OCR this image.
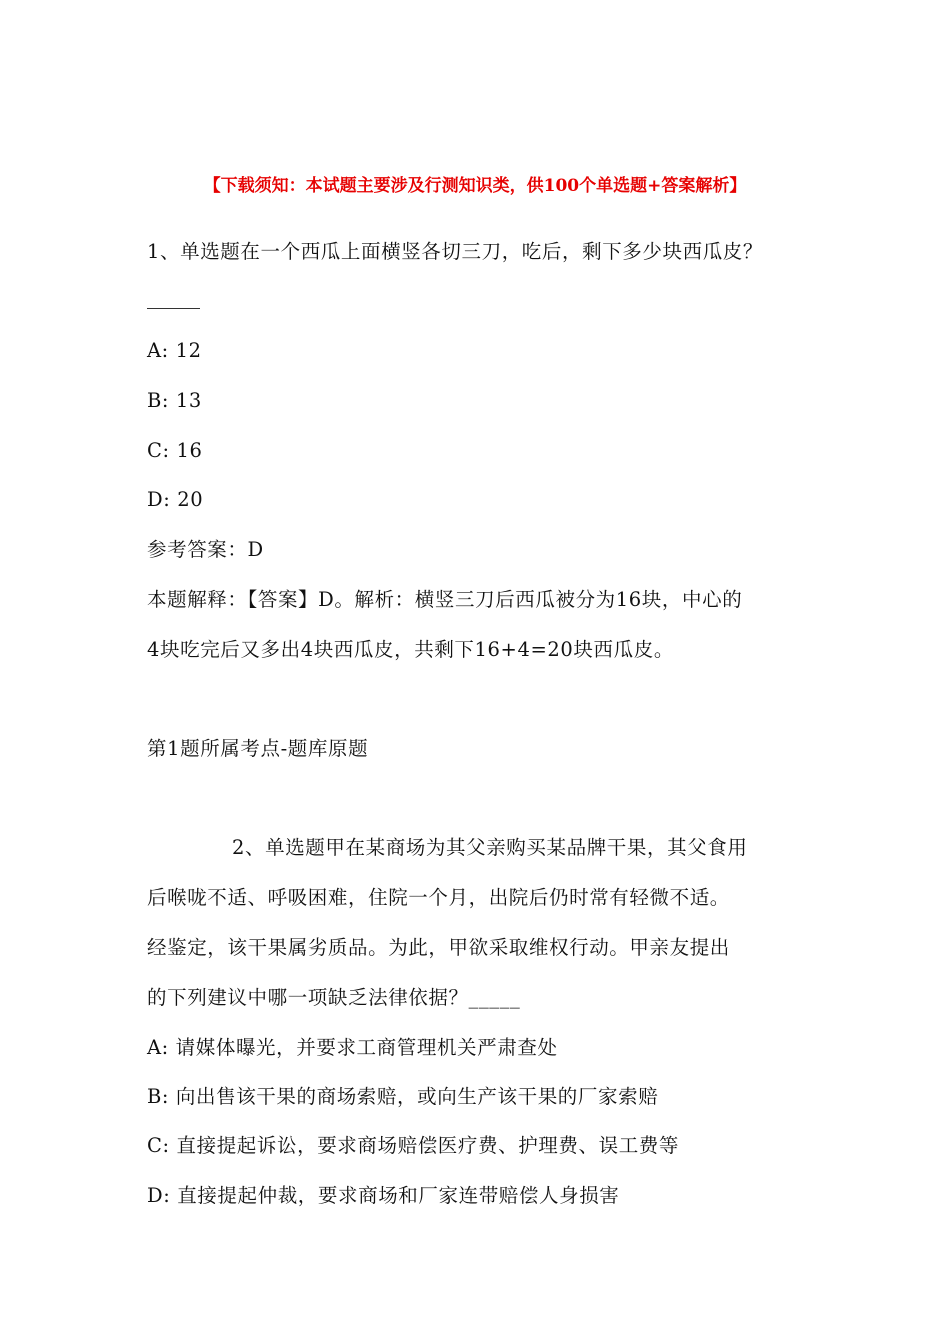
【下载须知：本试题主要涉及行测知识类，供100个单选题+答案解析】
1、单选题在一个西瓜上面横竖各切三刀，吃后，剩下多少块西瓜皮？
A: 12
B: 13
C: 16
D: 20
参考答案：D
本题解释：【答案】D。解析：横竖三刀后西瓜被分为16块，中心的
4块吃完后又多出4块西瓜皮，共剩下16+4=20块西瓜皮。
第1题所属考点-题库原题
2、单选题甲在某商场为其父亲购买某品牌干果，其父食用
后喉咙不适、呼吸困难，住院一个月，出院后仍时常有轻微不适。
经鉴定，该干果属劣质品。为此，甲欲采取维权行动。甲亲友提出
的下列建议中哪一项缺乏法律依据？_____
A: 请媒体曝光，并要求工商管理机关严肃查处
B: 向出售该干果的商场索赔，或向生产该干果的厂家索赔
C: 直接提起诉讼，要求商场赔偿医疗费、护理费、误工费等
D: 直接提起仲裁，要求商场和厂家连带赔偿人身损害
